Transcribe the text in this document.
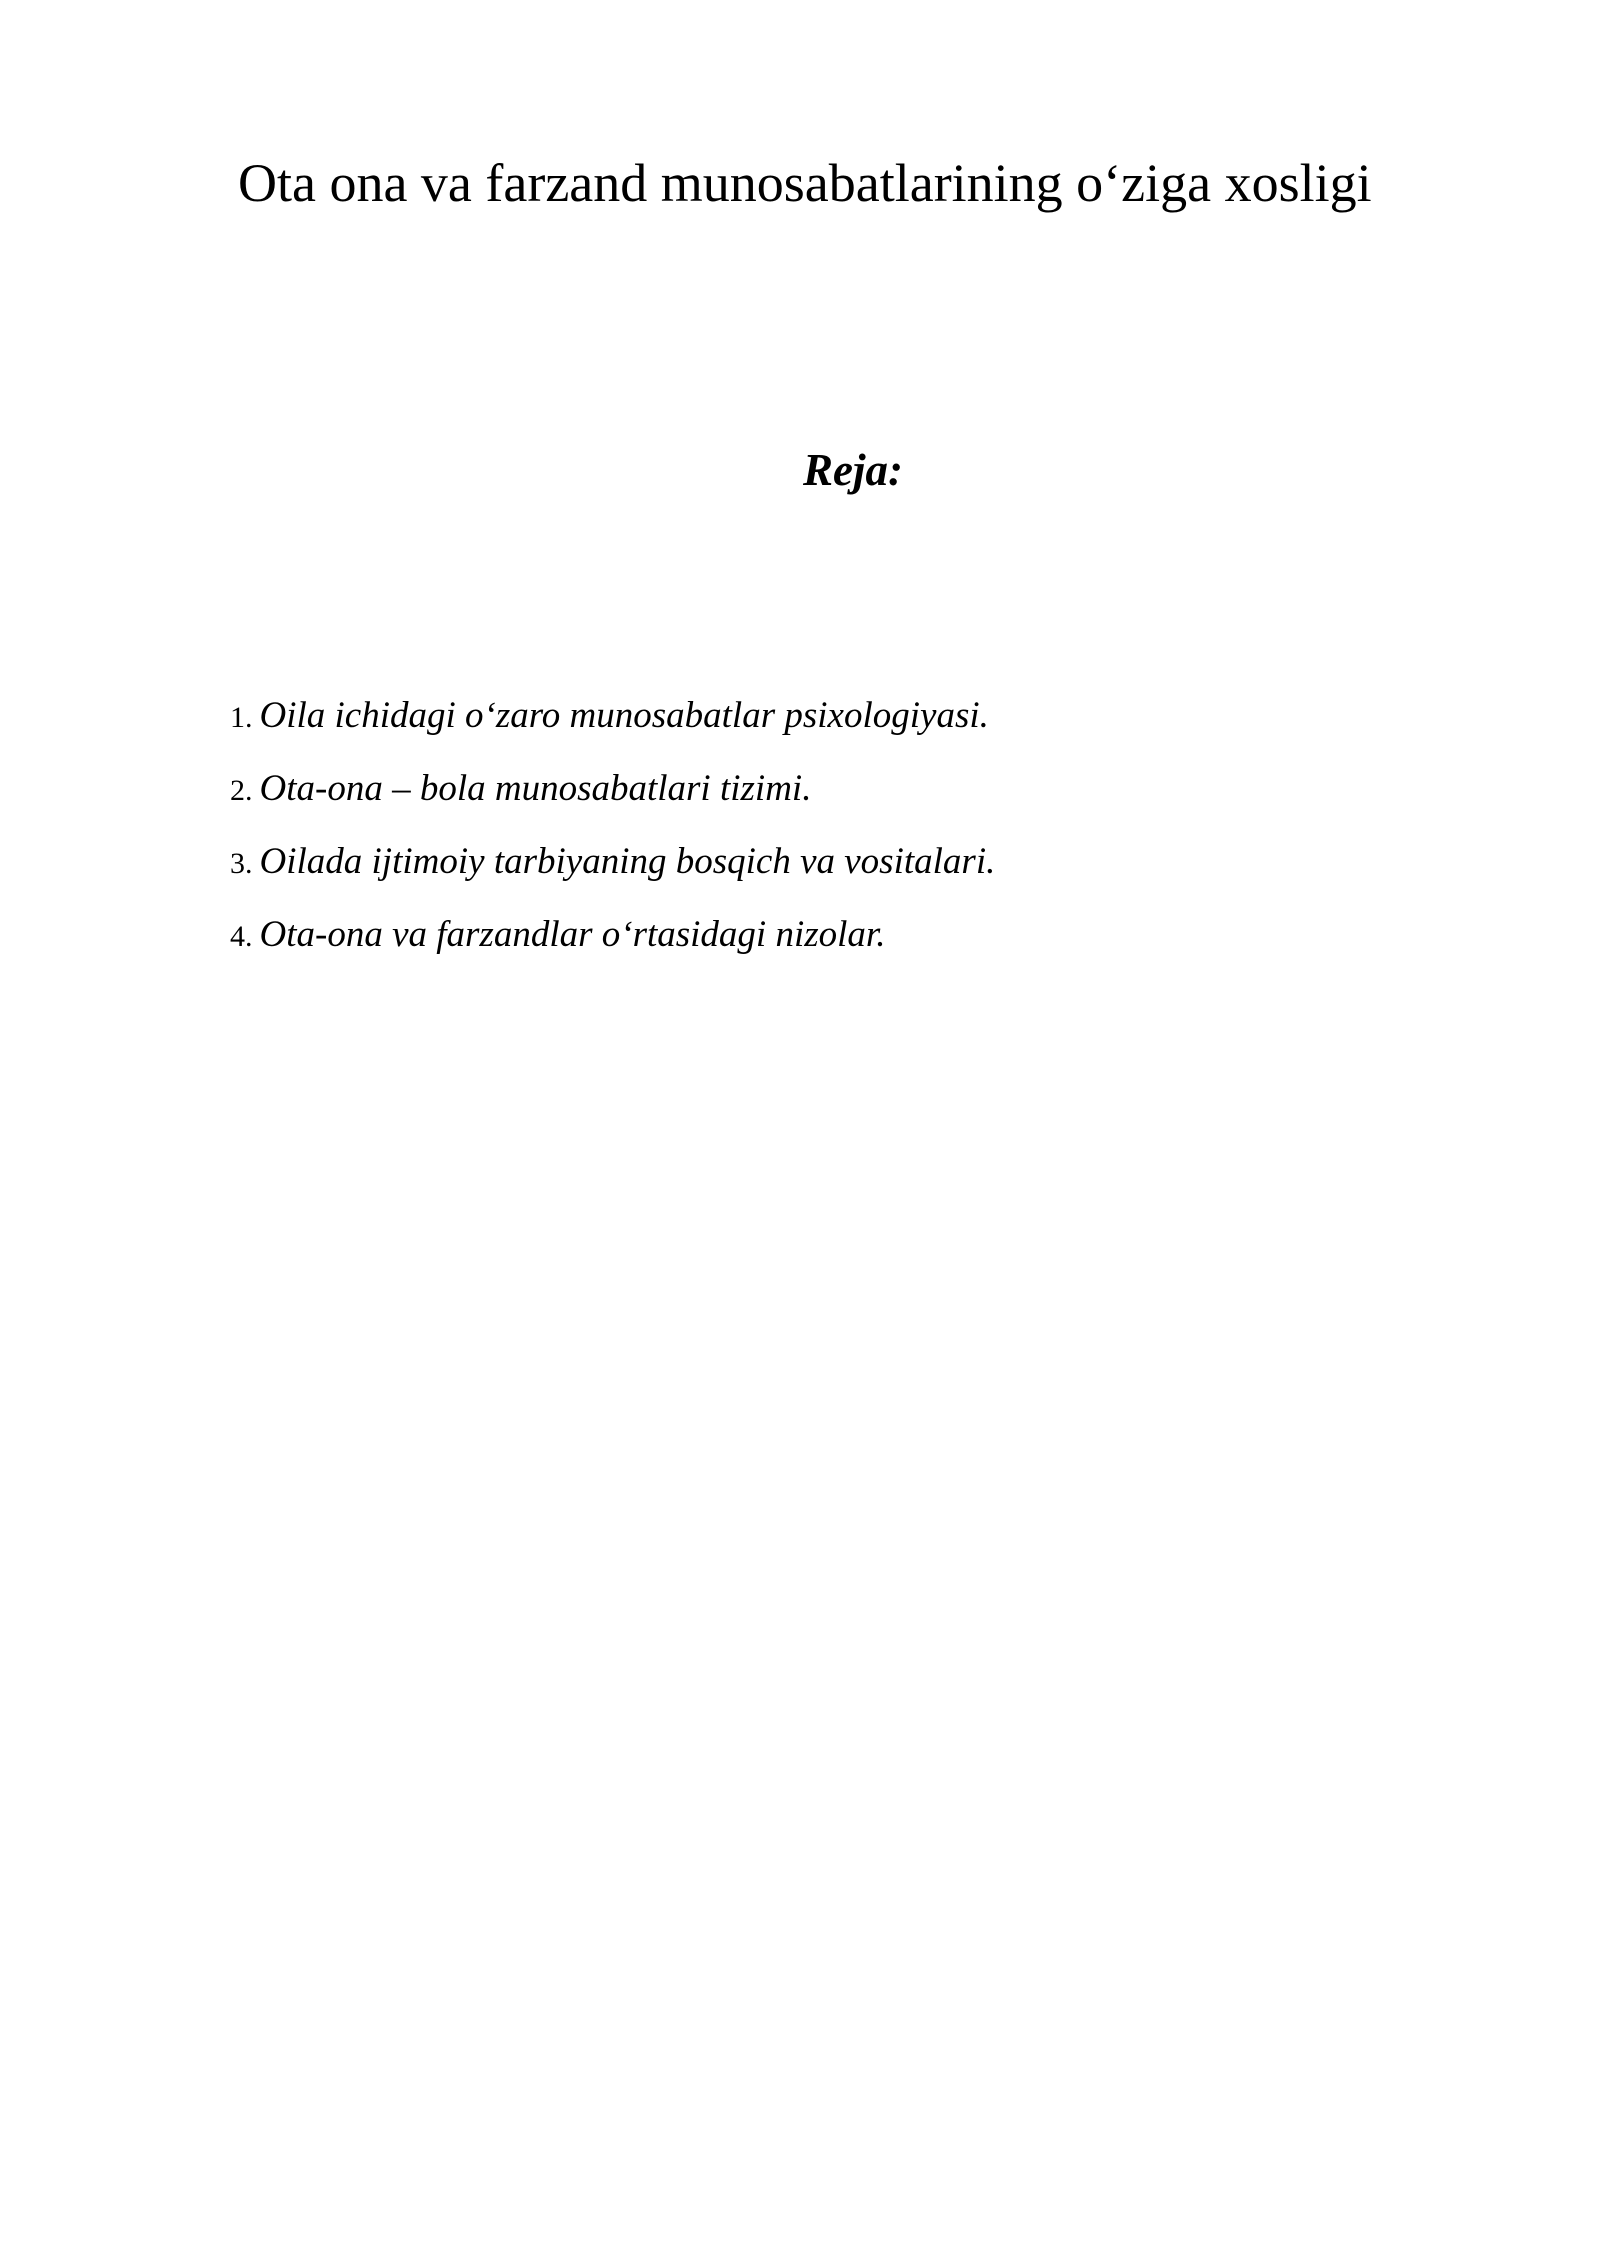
Ota ona va farzand munosabatlarining o‘ziga xosligi
Reja:
1. Oila ichidagi o‘zaro munosabatlar psixologiyasi.
2. Ota-ona – bola munosabatlari tizimi.
3. Oilada ijtimoiy tarbiyaning bosqich va vositalari.
4. Ota-ona va farzandlar o‘rtasidagi nizolar.
